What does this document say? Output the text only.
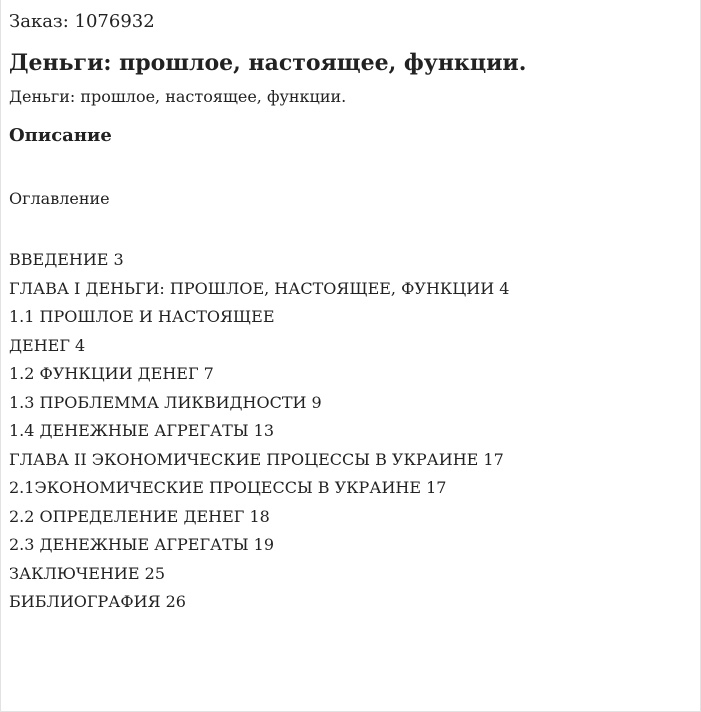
Заказ: 1076932

Деньги: прошлое, настоящее, функции.

Деньги: прошлое, настоящее, функции.

Описание

Оглавление

ВВЕДЕНИЕ 3
ГЛАВА I ДЕНЬГИ: ПРОШЛОЕ, НАСТОЯЩЕЕ, ФУНКЦИИ 4
1.1 ПРОШЛОЕ И НАСТОЯЩЕЕ
ДЕНЕГ 4
1.2 ФУНКЦИИ ДЕНЕГ 7
1.3 ПРОБЛЕММА ЛИКВИДНОСТИ 9
1.4 ДЕНЕЖНЫЕ АГРЕГАТЫ 13
ГЛАВА II ЭКОНОМИЧЕСКИЕ ПРОЦЕССЫ В УКРАИНЕ 17
2.1ЭКОНОМИЧЕСКИЕ ПРОЦЕССЫ В УКРАИНЕ 17
2.2 ОПРЕДЕЛЕНИЕ ДЕНЕГ 18
2.3 ДЕНЕЖНЫЕ АГРЕГАТЫ 19
ЗАКЛЮЧЕНИЕ 25
БИБЛИОГРАФИЯ 26
